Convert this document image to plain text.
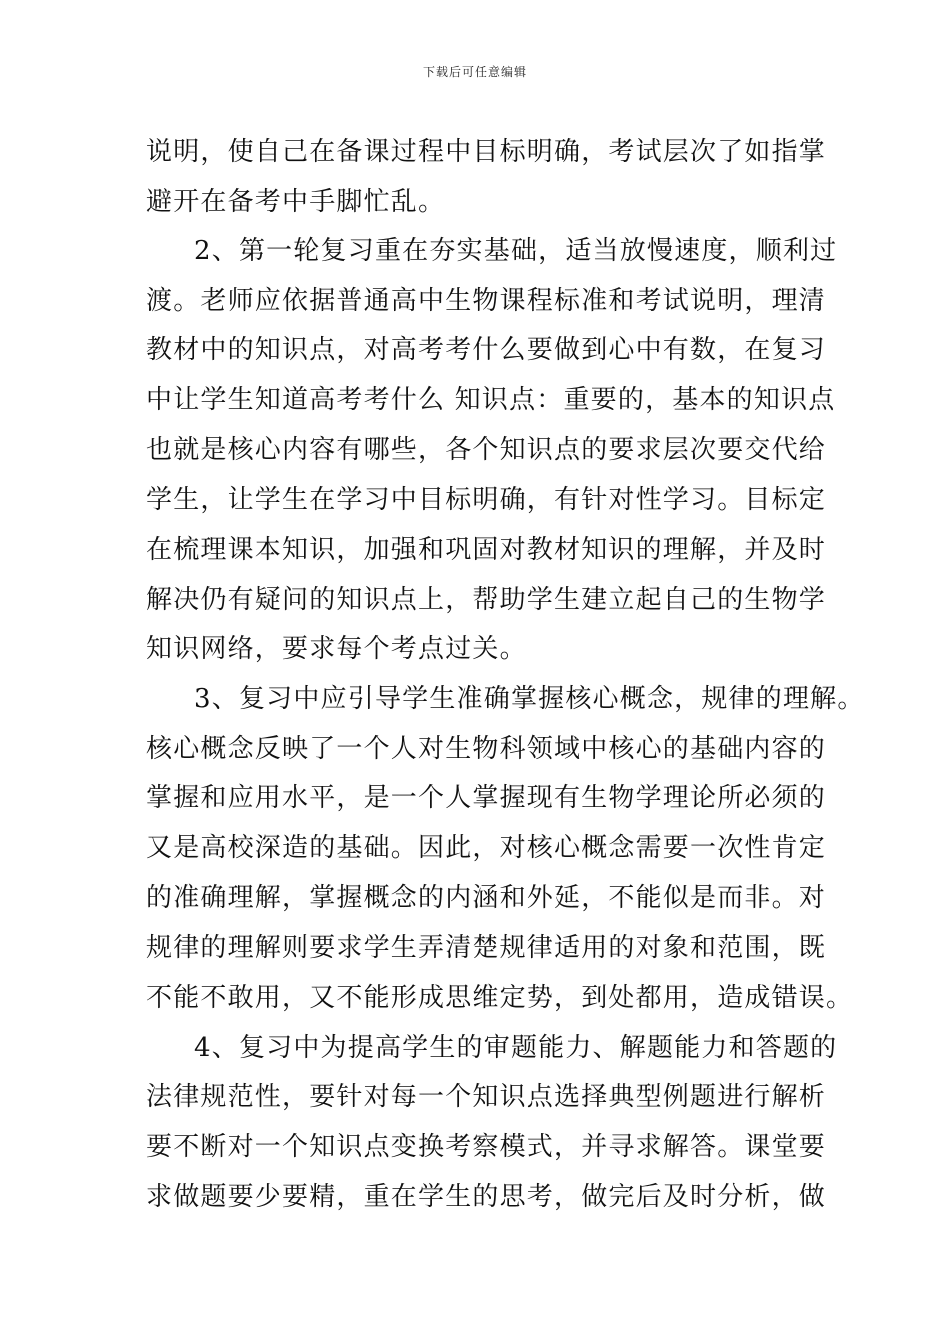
下载后可任意编辑
说明，使自己在备课过程中目标明确，考试层次了如指掌
避开在备考中手脚忙乱。
2、第一轮复习重在夯实基础，适当放慢速度，顺利过
渡。老师应依据普通高中生物课程标准和考试说明，理清
教材中的知识点，对高考考什么要做到心中有数，在复习
中让学生知道高考考什么 知识点：重要的，基本的知识点
也就是核心内容有哪些，各个知识点的要求层次要交代给
学生，让学生在学习中目标明确，有针对性学习。目标定
在梳理课本知识，加强和巩固对教材知识的理解，并及时
解决仍有疑问的知识点上，帮助学生建立起自己的生物学
知识网络，要求每个考点过关。
3、复习中应引导学生准确掌握核心概念，规律的理解。
核心概念反映了一个人对生物科领域中核心的基础内容的
掌握和应用水平，是一个人掌握现有生物学理论所必须的
又是高校深造的基础。因此，对核心概念需要一次性肯定
的准确理解，掌握概念的内涵和外延，不能似是而非。对
规律的理解则要求学生弄清楚规律适用的对象和范围，既
不能不敢用，又不能形成思维定势，到处都用，造成错误。
4、复习中为提高学生的审题能力、解题能力和答题的
法律规范性，要针对每一个知识点选择典型例题进行解析
要不断对一个知识点变换考察模式，并寻求解答。课堂要
求做题要少要精，重在学生的思考，做完后及时分析，做
